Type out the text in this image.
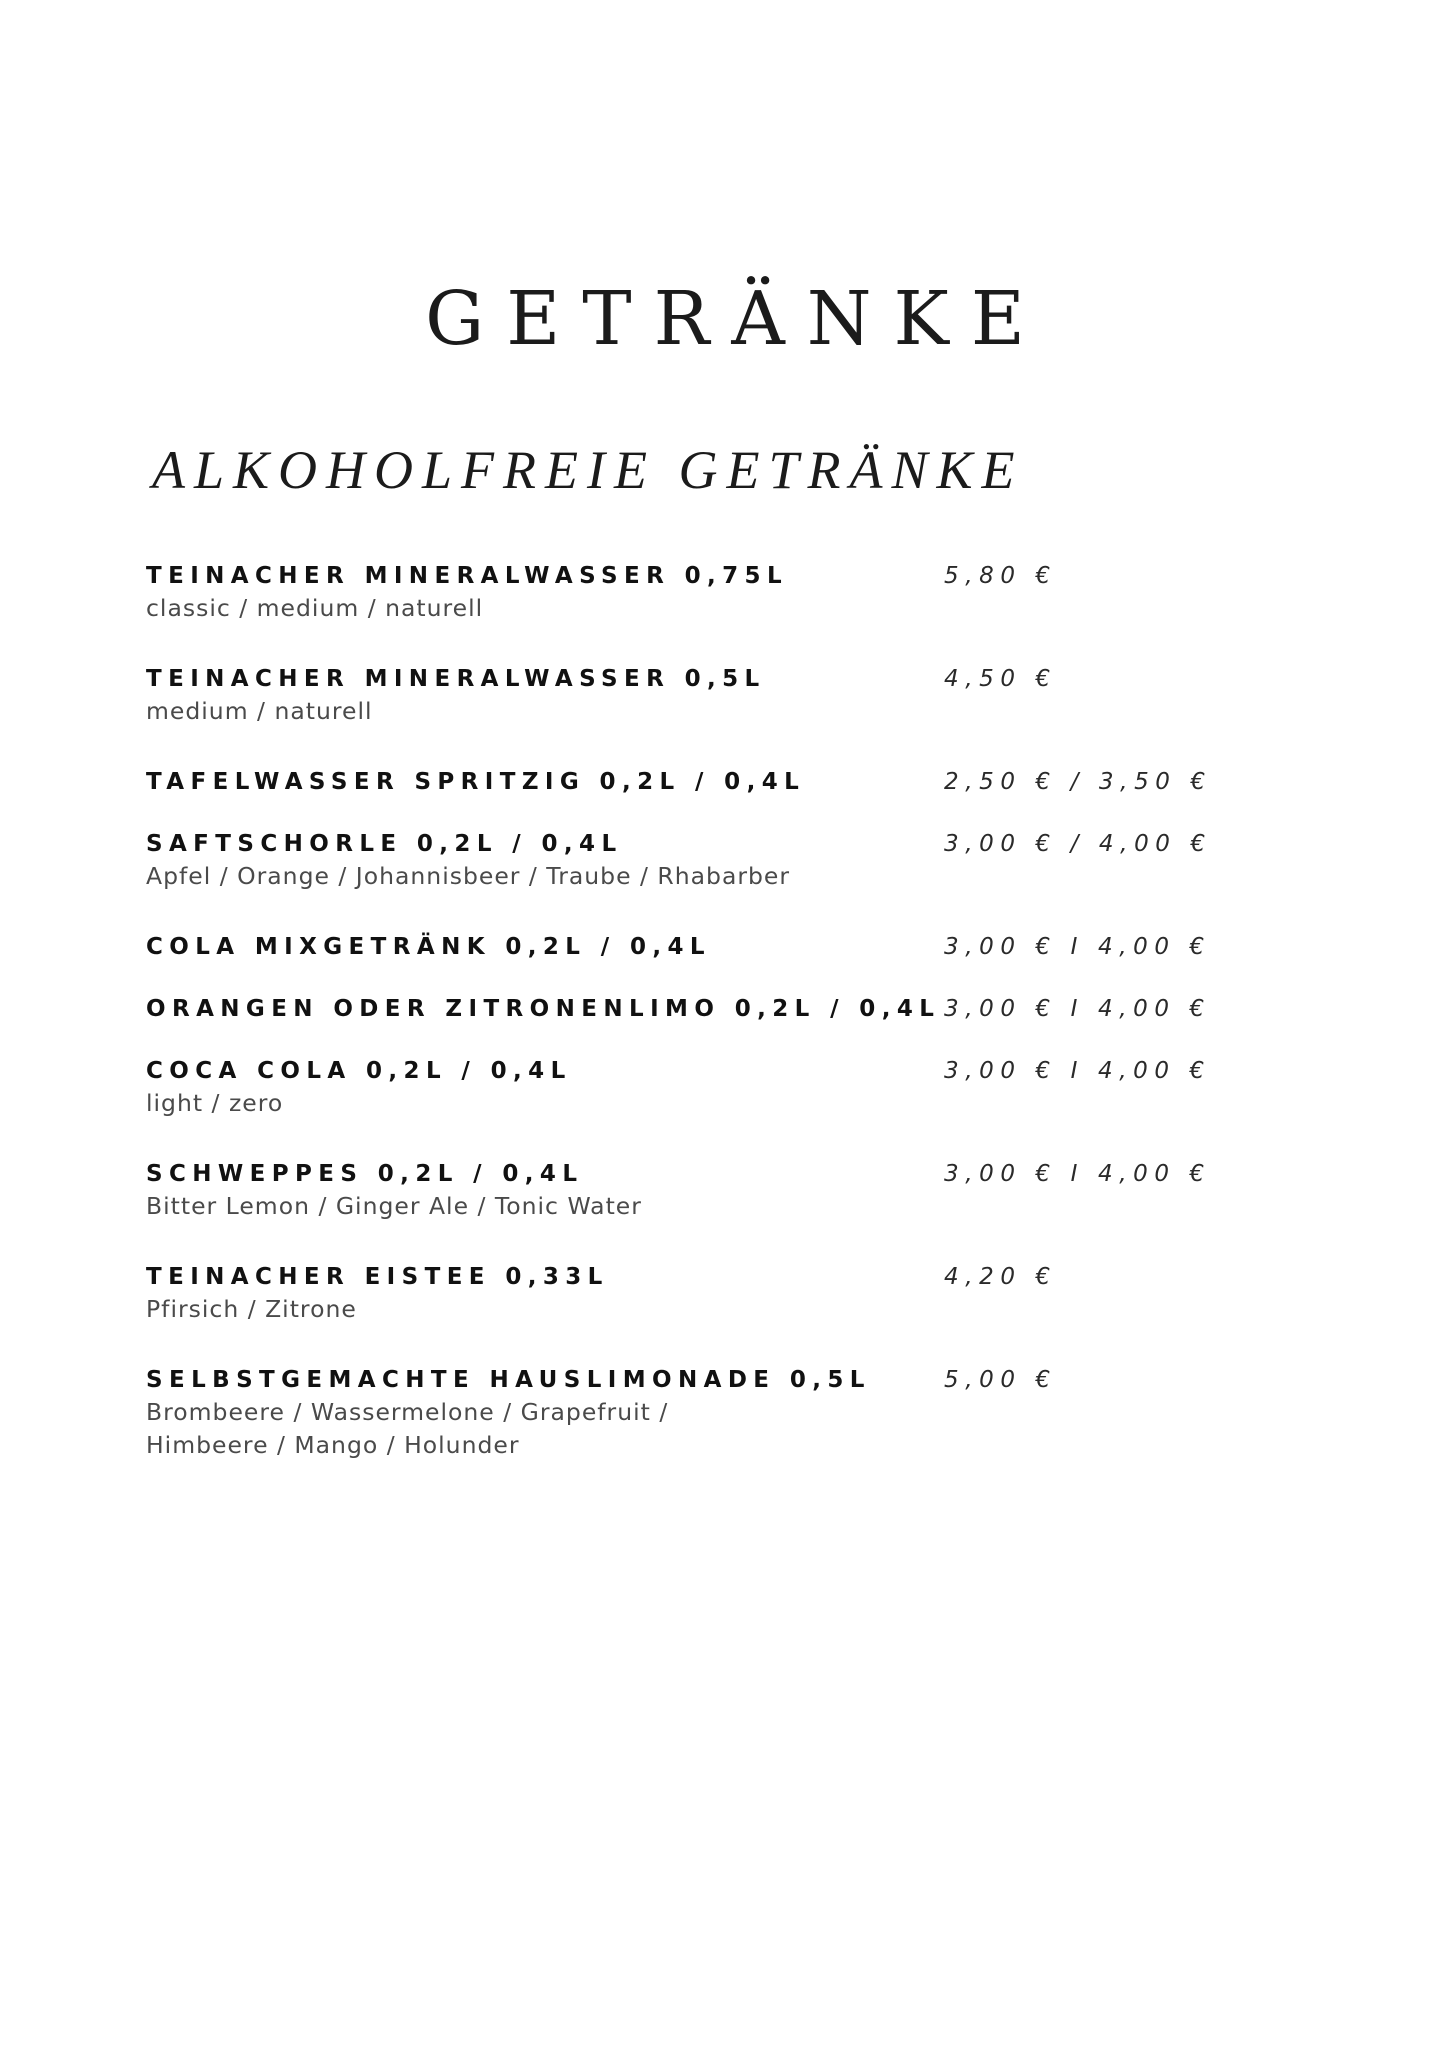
GETRÄNKE
ALKOHOLFREIE GETRÄNKE
TEINACHER MINERALWASSER 0,75L
classic / medium / naturell
5,80 €
TEINACHER MINERALWASSER 0,5L
medium / naturell
4,50 €
TAFELWASSER SPRITZIG 0,2L / 0,4L	2,50 € / 3,50 €
SAFTSCHORLE 0,2L / 0,4L
Apfel / Orange / Johannisbeer / Traube / Rhabarber
3,00 € / 4,00 €
COLA MIXGETRÄNK 0,2L / 0,4L	3,00 € I 4,00 €
ORANGEN ODER ZITRONENLIMO 0,2L / 0,4L 3,00 € I 4,00 €
COCA COLA 0,2L / 0,4L
light / zero
3,00 € I 4,00 €
SCHWEPPES 0,2L / 0,4L
Bitter Lemon / Ginger Ale / Tonic Water
3,00 € I 4,00 €
TEINACHER EISTEE 0,33L
Pfirsich / Zitrone
4,20 €
SELBSTGEMACHTE HAUSLIMONADE 0,5L
Brombeere / Wassermelone / Grapefruit /
Himbeere / Mango / Holunder
5,00 €
